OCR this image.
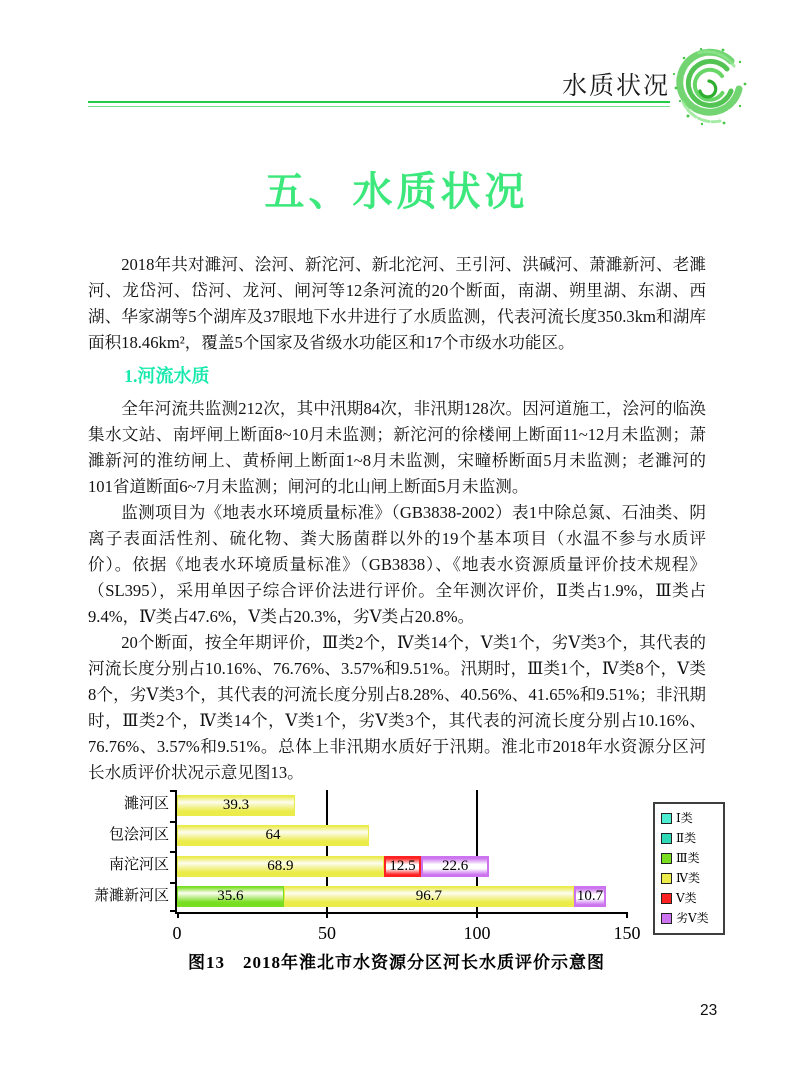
水质状况
五、水质状况

2018年共对濉河、浍河、新沱河、新北沱河、王引河、洪碱河、萧濉新河、老濉河、龙岱河、岱河、龙河、闸河等12条河流的20个断面，南湖、朔里湖、东湖、西湖、华家湖等5个湖库及37眼地下水井进行了水质监测，代表河流长度350.3km和湖库面积18.46km²，覆盖5个国家及省级水功能区和17个市级水功能区。

1.河流水质

全年河流共监测212次，其中汛期84次，非汛期128次。因河道施工，浍河的临涣集水文站、南坪闸上断面8~10月未监测；新沱河的徐楼闸上断面11~12月未监测；萧濉新河的淮纺闸上、黄桥闸上断面1~8月未监测，宋疃桥断面5月未监测；老濉河的101省道断面6~7月未监测；闸河的北山闸上断面5月未监测。

监测项目为《地表水环境质量标准》（GB3838-2002）表1中除总氮、石油类、阴离子表面活性剂、硫化物、粪大肠菌群以外的19个基本项目（水温不参与水质评价）。依据《地表水环境质量标准》（GB3838）、《地表水资源质量评价技术规程》（SL395），采用单因子综合评价法进行评价。全年测次评价，Ⅱ类占1.9%，Ⅲ类占9.4%，Ⅳ类占47.6%，Ⅴ类占20.3%，劣Ⅴ类占20.8%。

20个断面，按全年期评价，Ⅲ类2个，Ⅳ类14个，Ⅴ类1个，劣Ⅴ类3个，其代表的河流长度分别占10.16%、76.76%、3.57%和9.51%。汛期时，Ⅲ类1个，Ⅳ类8个，Ⅴ类8个，劣Ⅴ类3个，其代表的河流长度分别占8.28%、40.56%、41.65%和9.51%；非汛期时，Ⅲ类2个，Ⅳ类14个，Ⅴ类1个，劣Ⅴ类3个，其代表的河流长度分别占10.16%、76.76%、3.57%和9.51%。总体上非汛期水质好于汛期。淮北市2018年水资源分区河长水质评价状况示意见图13。

0	50	100	150
39.3
64
68.9	12.5	22.6
35.6	96.7	10.7
Ⅰ类
Ⅱ类
Ⅲ类
Ⅳ类
Ⅴ类
劣Ⅴ类
濉河区
包浍河区
南沱河区
萧濉新河区
图13　2018年淮北市水资源分区河长水质评价示意图
23
